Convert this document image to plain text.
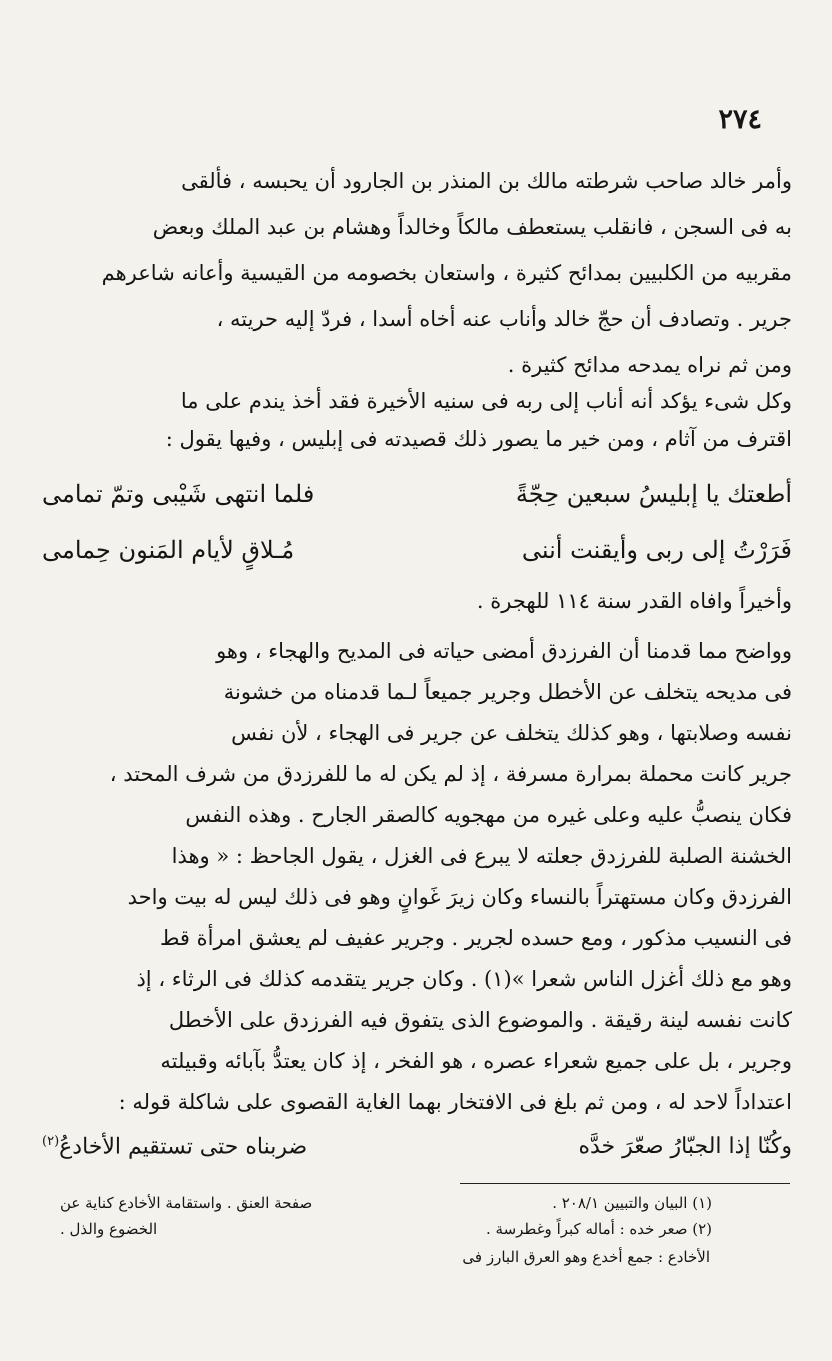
٢٧٤
وأمر خالد صاحب شرطته مالك بن المنذر بن الجارود أن يحبسه ، فألقى
به فى السجن ، فانقلب يستعطف مالكاً وخالداً وهشام بن عبد الملك وبعض
مقربيه من الكلبيين بمدائح كثيرة ، واستعان بخصومه من القيسية وأعانه شاعرهم
جرير . وتصادف أن حجّ خالد وأناب عنه أخاه أسدا ، فردّ إليه حريته ،
ومن ثم نراه يمدحه مدائح كثيرة .
وكل شىء يؤكد أنه أناب إلى ربه فى سنيه الأخيرة فقد أخذ يندم على ما
اقترف من آثام ، ومن خير ما يصور ذلك قصيدته فى إبليس ، وفيها يقول :
أطعتك يا إبليسُ سبعين حِجّةً
فلما انتهى شَيْبى وتمّ تمامى
فَرَرْتُ إلى ربى وأيقنت أننى
مُـلاقٍ لأيام المَنون حِمامى
وأخيراً وافاه القدر سنة ١١٤ للهجرة .
وواضح مما قدمنا أن الفرزدق أمضى حياته فى المديح والهجاء ، وهو
فى مديحه يتخلف عن الأخطل وجرير جميعاً لـما قدمناه من خشونة
نفسه وصلابتها ، وهو كذلك يتخلف عن جرير فى الهجاء ، لأن نفس
جرير كانت محملة بمرارة مسرفة ، إذ لم يكن له ما للفرزدق من شرف المحتد ،
فكان ينصبُّ عليه وعلى غيره من مهجويه كالصقر الجارح . وهذه النفس
الخشنة الصلبة للفرزدق جعلته لا يبرع فى الغزل ، يقول الجاحظ : « وهذا
الفرزدق وكان مستهتراً بالنساء وكان زيرَ غَوانٍ وهو فى ذلك ليس له بيت واحد
فى النسيب مذكور ، ومع حسده لجرير . وجرير عفيف لم يعشق امرأة قط
وهو مع ذلك أغزل الناس شعرا »(١) . وكان جرير يتقدمه كذلك فى الرثاء ، إذ
كانت نفسه لينة رقيقة . والموضوع الذى يتفوق فيه الفرزدق على الأخطل
وجرير ، بل على جميع شعراء عصره ، هو الفخر ، إذ كان يعتدُّ بآبائه وقبيلته
اعتداداً لاحد له ، ومن ثم بلغ فى الافتخار بهما الغاية القصوى على شاكلة قوله :
وكُنّا إذا الجبّارُ صعّرَ خدَّه
ضربناه حتى تستقيم الأخادعُ$^{(٢)}$
(١) البيان والتبيين ٢٠٨/١ .
صفحة العنق . واستقامة الأخادع كناية عن
(٢) صعر خده : أماله كبراً وغطرسة .
الخضوع والذل .
الأخادع : جمع أخدع وهو العرق البارز فى
